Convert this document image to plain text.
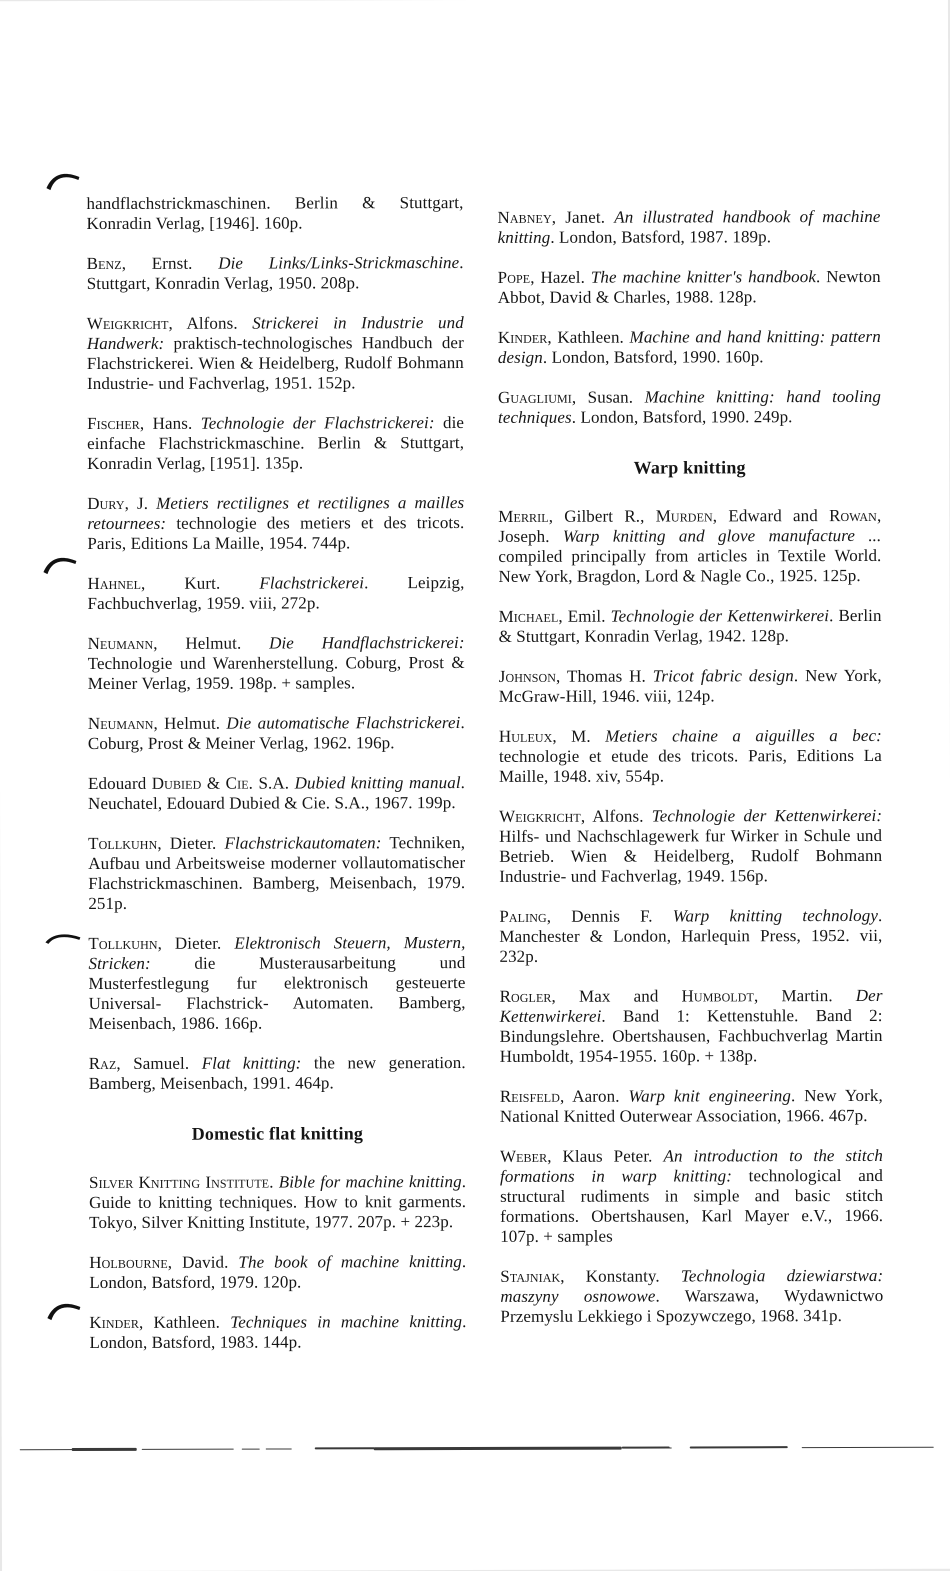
handflachstrickmaschinen. Berlin & Stuttgart, Konradin Verlag, [1946]. 160p.

Benz, Ernst. Die Links/Links-Strickmaschine. Stuttgart, Konradin Verlag, 1950. 208p.

Weigkricht, Alfons. Strickerei in Industrie und Handwerk: praktisch-technologisches Handbuch der Flachstrickerei. Wien & Heidelberg, Rudolf Bohmann Industrie- und Fachverlag, 1951. 152p.

Fischer, Hans. Technologie der Flachstrickerei: die einfache Flachstrickmaschine. Berlin & Stuttgart, Konradin Verlag, [1951]. 135p.

Dury, J. Metiers rectilignes et rectilignes a mailles retournees: technologie des metiers et des tricots. Paris, Editions La Maille, 1954. 744p.

Hahnel, Kurt. Flachstrickerei. Leipzig, Fachbuchverlag, 1959. viii, 272p.

Neumann, Helmut. Die Handflachstrickerei: Technologie und Warenherstellung. Coburg, Prost & Meiner Verlag, 1959. 198p. + samples.

Neumann, Helmut. Die automatische Flachstrickerei. Coburg, Prost & Meiner Verlag, 1962. 196p.

Edouard Dubied & Cie. S.A. Dubied knitting manual. Neuchatel, Edouard Dubied & Cie. S.A., 1967. 199p.

Tollkuhn, Dieter. Flachstrickautomaten: Techniken, Aufbau und Arbeitsweise moderner vollautomatischer Flachstrickmaschinen. Bamberg, Meisenbach, 1979. 251p.

Tollkuhn, Dieter. Elektronisch Steuern, Mustern, Stricken: die Musterausarbeitung und Musterfestlegung fur elektronisch gesteuerte Universal- Flachstrick- Automaten. Bamberg, Meisenbach, 1986. 166p.

Raz, Samuel. Flat knitting: the new generation. Bamberg, Meisenbach, 1991. 464p.

Domestic flat knitting

Silver Knitting Institute. Bible for machine knitting. Guide to knitting techniques. How to knit garments. Tokyo, Silver Knitting Institute, 1977. 207p. + 223p.

Holbourne, David. The book of machine knitting. London, Batsford, 1979. 120p.

Kinder, Kathleen. Techniques in machine knitting. London, Batsford, 1983. 144p.

Nabney, Janet. An illustrated handbook of machine knitting. London, Batsford, 1987. 189p.

Pope, Hazel. The machine knitter's handbook. Newton Abbot, David & Charles, 1988. 128p.

Kinder, Kathleen. Machine and hand knitting: pattern design. London, Batsford, 1990. 160p.

Guagliumi, Susan. Machine knitting: hand tooling techniques. London, Batsford, 1990. 249p.

Warp knitting

Merril, Gilbert R., Murden, Edward and Rowan, Joseph. Warp knitting and glove manufacture ... compiled principally from articles in Textile World. New York, Bragdon, Lord & Nagle Co., 1925. 125p.

Michael, Emil. Technologie der Kettenwirkerei. Berlin & Stuttgart, Konradin Verlag, 1942. 128p.

Johnson, Thomas H. Tricot fabric design. New York, McGraw-Hill, 1946. viii, 124p.

Huleux, M. Metiers chaine a aiguilles a bec: technologie et etude des tricots. Paris, Editions La Maille, 1948. xiv, 554p.

Weigkricht, Alfons. Technologie der Kettenwirkerei: Hilfs- und Nachschlagewerk fur Wirker in Schule und Betrieb. Wien & Heidelberg, Rudolf Bohmann Industrie- und Fachverlag, 1949. 156p.

Paling, Dennis F. Warp knitting technology. Manchester & London, Harlequin Press, 1952. vii, 232p.

Rogler, Max and Humboldt, Martin. Der Kettenwirkerei. Band 1: Kettenstuhle. Band 2: Bindungslehre. Obertshausen, Fachbuchverlag Martin Humboldt, 1954-1955. 160p. + 138p.

Reisfeld, Aaron. Warp knit engineering. New York, National Knitted Outerwear Association, 1966. 467p.

Weber, Klaus Peter. An introduction to the stitch formations in warp knitting: technological and structural rudiments in simple and basic stitch formations. Obertshausen, Karl Mayer e.V., 1966. 107p. + samples

Stajniak, Konstanty. Technologia dziewiarstwa: maszyny osnowowe. Warszawa, Wydawnictwo Przemyslu Lekkiego i Spozywczego, 1968. 341p.
